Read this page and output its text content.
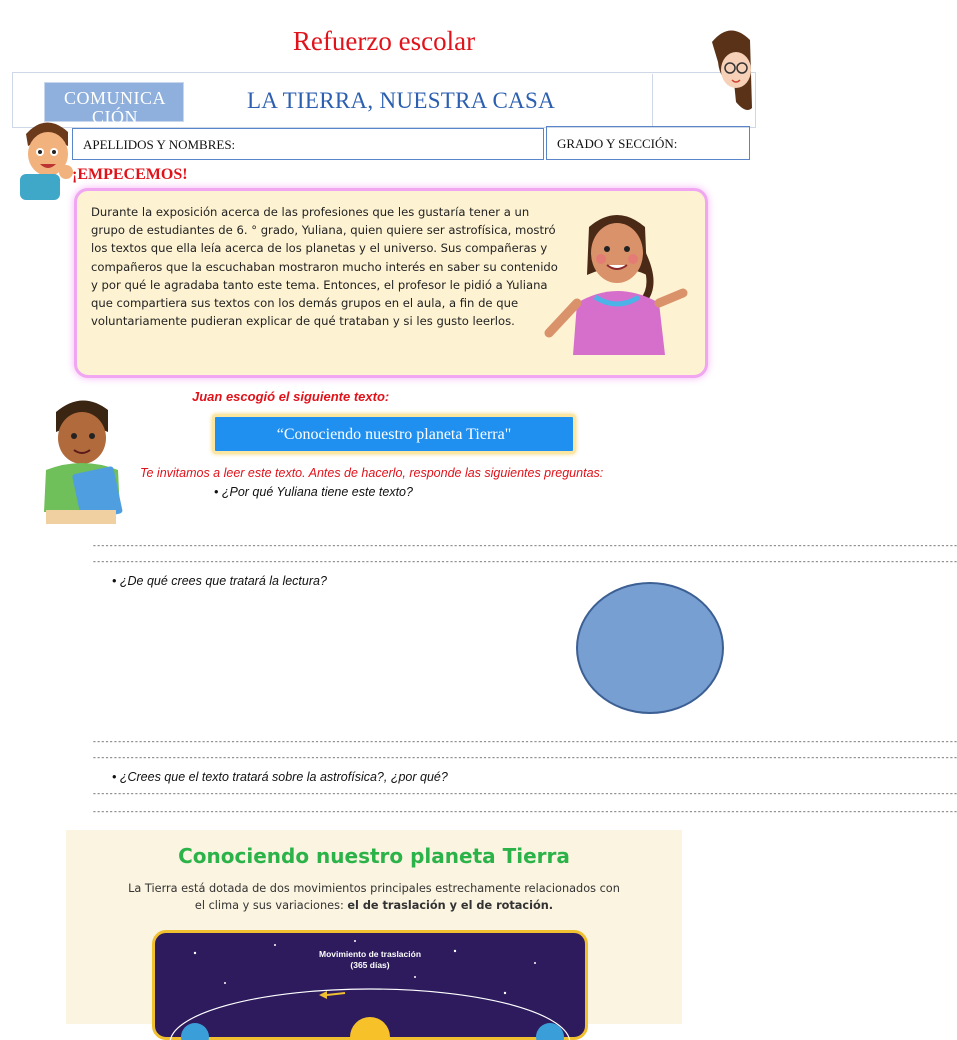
Refuerzo escolar
COMUNICA CIÓN
LA TIERRA, NUESTRA CASA
APELLIDOS Y NOMBRES:	GRADO Y SECCIÓN:
¡EMPECEMOS!

Durante la exposición acerca de las profesiones que les gustaría tener a un grupo de estudiantes de 6. ° grado, Yuliana, quien quiere ser astrofísica, mostró los textos que ella leía acerca de los planetas y el universo. Sus compañeras y compañeros que la escuchaban mostraron mucho interés en saber su contenido y por qué le agradaba tanto este tema. Entonces, el profesor le pidió a Yuliana que compartiera sus textos con los demás grupos en el aula, a fin de que voluntariamente pudieran explicar de qué trataban y si les gusto leerlos.

Juan escogió el siguiente texto:
“Conociendo nuestro planeta Tierra"
Te invitamos a leer este texto. Antes de hacerlo, responde las siguientes preguntas:
• ¿Por qué Yuliana tiene este texto?
--------------------------------------------------------------------------------------------------------------------------------------------------------------------------------------------------------------
--------------------------------------------------------------------------------------------------------------------------------------------------------------------------------------------------------------
• ¿De qué crees que tratará la lectura?
--------------------------------------------------------------------------------------------------------------------------------------------------------------------------------------------------------------
--------------------------------------------------------------------------------------------------------------------------------------------------------------------------------------------------------------
• ¿Crees que el texto tratará sobre la astrofísica?, ¿por qué?
--------------------------------------------------------------------------------------------------------------------------------------------------------------------------------------------------------------
--------------------------------------------------------------------------------------------------------------------------------------------------------------------------------------------------------------
Conociendo nuestro planeta Tierra
La Tierra está dotada de dos movimientos principales estrechamente relacionados con el clima y sus variaciones: el de traslación y el de rotación.
Movimiento de traslación (365 días)
